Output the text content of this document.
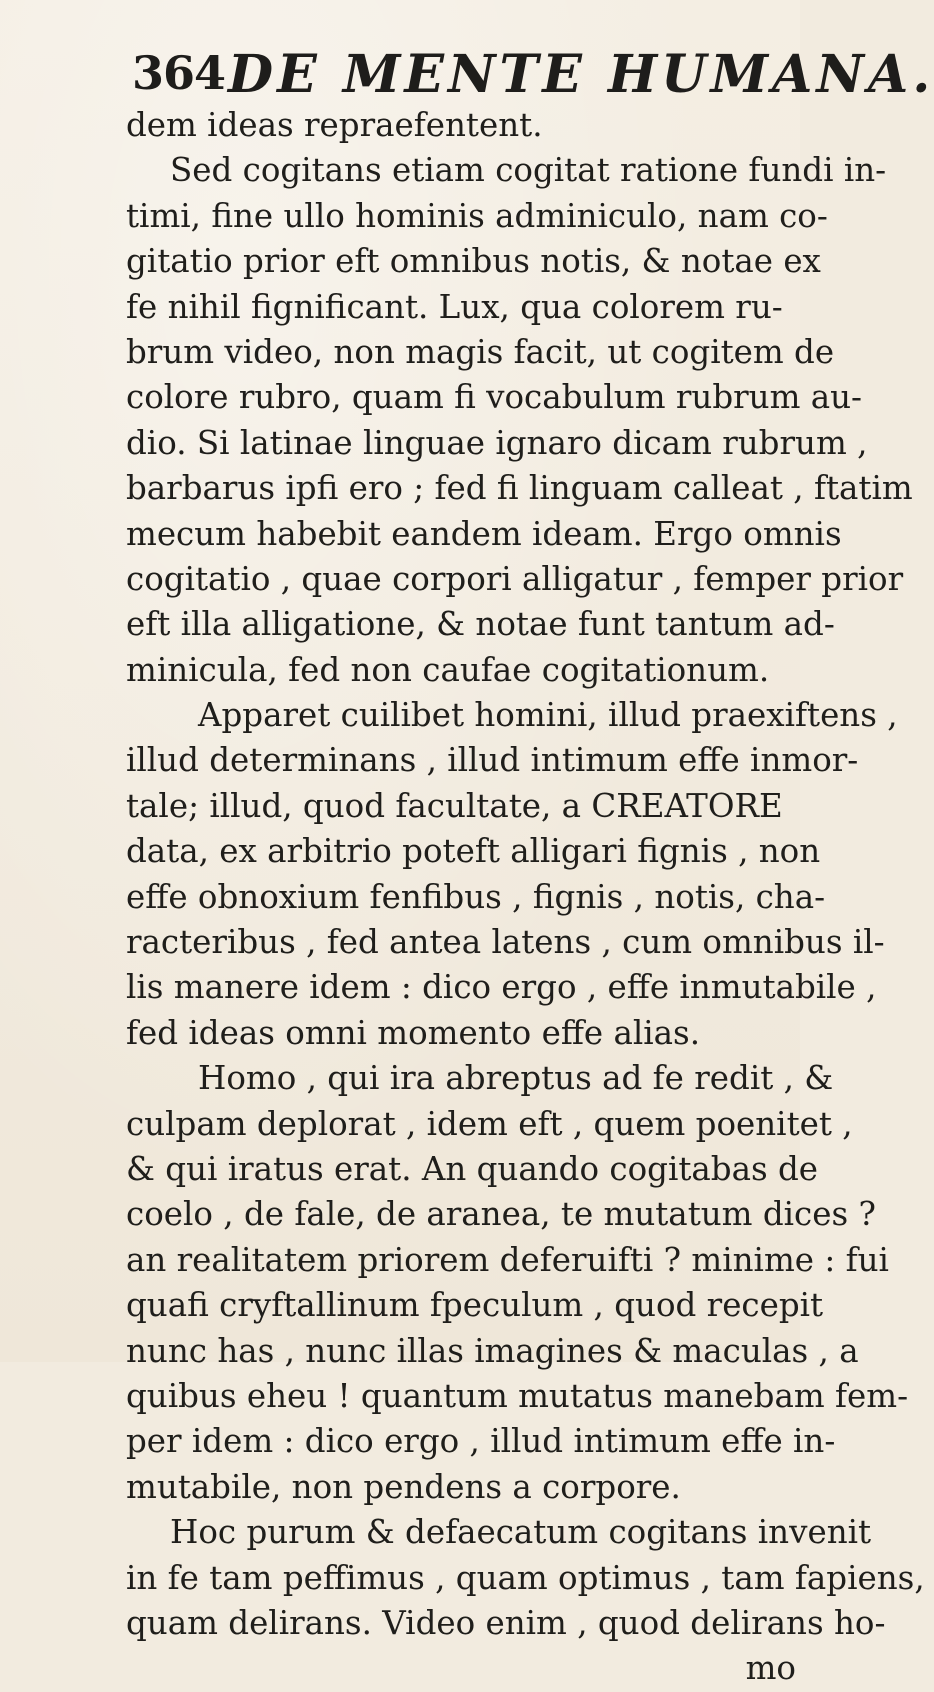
364 DE MENTE HUMANA.
dem ideas repraefentent.
Sed cogitans etiam cogitat ratione fundi in-
timi, fine ullo hominis adminiculo, nam co-
gitatio prior eft omnibus notis, & notae ex
fe nihil fignificant. Lux, qua colorem ru-
brum video, non magis facit, ut cogitem de
colore rubro, quam fi vocabulum rubrum au-
dio. Si latinae linguae ignaro dicam rubrum ,
barbarus ipfi ero ; fed fi linguam calleat , ftatim
mecum habebit eandem ideam. Ergo omnis
cogitatio , quae corpori alligatur , femper prior
eft illa alligatione, & notae funt tantum ad-
minicula, fed non caufae cogitationum.
Apparet cuilibet homini, illud praexiftens ,
illud determinans , illud intimum effe inmor-
tale; illud, quod facultate, a CREATORE
data, ex arbitrio poteft alligari fignis , non
effe obnoxium fenfibus , fignis , notis, cha-
racteribus , fed antea latens , cum omnibus il-
lis manere idem : dico ergo , effe inmutabile ,
fed ideas omni momento effe alias.
Homo , qui ira abreptus ad fe redit , &
culpam deplorat , idem eft , quem poenitet ,
& qui iratus erat. An quando cogitabas de
coelo , de fale, de aranea, te mutatum dices ?
an realitatem priorem deferuifti ? minime : fui
quafi cryftallinum fpeculum , quod recepit
nunc has , nunc illas imagines & maculas , a
quibus eheu ! quantum mutatus manebam fem-
per idem : dico ergo , illud intimum effe in-
mutabile, non pendens a corpore.
Hoc purum & defaecatum cogitans invenit
in fe tam peffimus , quam optimus , tam fapiens,
quam delirans. Video enim , quod delirans ho-
mo
